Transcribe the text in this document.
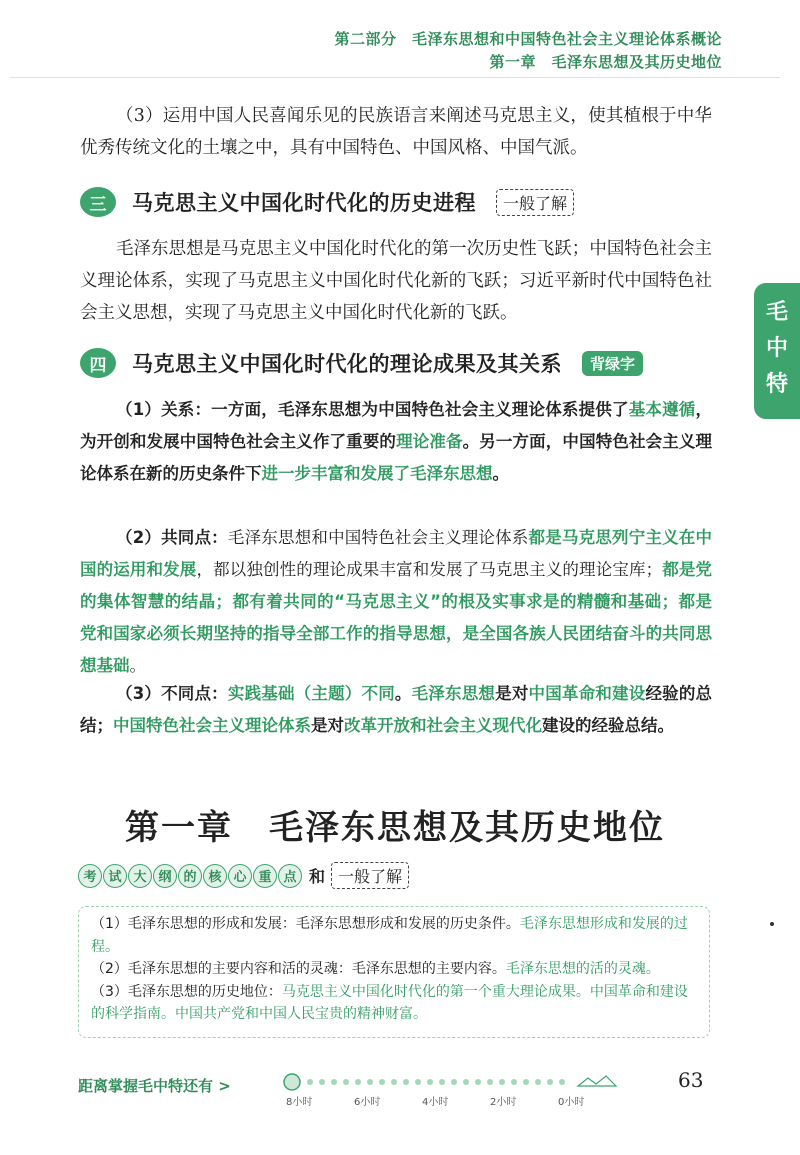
第二部分　毛泽东思想和中国特色社会主义理论体系概论
第一章　毛泽东思想及其历史地位
毛
中
特
（3）运用中国人民喜闻乐见的民族语言来阐述马克思主义，使其植根于中华优秀传统文化的土壤之中，具有中国特色、中国风格、中国气派。
三	马克思主义中国化时代化的历史进程	一般了解
毛泽东思想是马克思主义中国化时代化的第一次历史性飞跃；中国特色社会主义理论体系，实现了马克思主义中国化时代化新的飞跃；习近平新时代中国特色社会主义思想，实现了马克思主义中国化时代化新的飞跃。
四	马克思主义中国化时代化的理论成果及其关系	背绿字
（1）关系：一方面，毛泽东思想为中国特色社会主义理论体系提供了基本遵循，为开创和发展中国特色社会主义作了重要的理论准备。另一方面，中国特色社会主义理论体系在新的历史条件下进一步丰富和发展了毛泽东思想。
（2）共同点：毛泽东思想和中国特色社会主义理论体系都是马克思列宁主义在中国的运用和发展，都以独创性的理论成果丰富和发展了马克思主义的理论宝库；都是党的集体智慧的结晶；都有着共同的“马克思主义”的根及实事求是的精髓和基础；都是党和国家必须长期坚持的指导全部工作的指导思想，是全国各族人民团结奋斗的共同思想基础。
（3）不同点：实践基础（主题）不同。毛泽东思想是对中国革命和建设经验的总结；中国特色社会主义理论体系是对改革开放和社会主义现代化建设的经验总结。
第一章　毛泽东思想及其历史地位
考 试 大 纲 的 核 心 重 点 和 一般了解

（1）毛泽东思想的形成和发展：毛泽东思想形成和发展的历史条件。毛泽东思想形成和发展的过程。

（2）毛泽东思想的主要内容和活的灵魂：毛泽东思想的主要内容。毛泽东思想的活的灵魂。

（3）毛泽东思想的历史地位：马克思主义中国化时代化的第一个重大理论成果。中国革命和建设的科学指南。中国共产党和中国人民宝贵的精神财富。

距离掌握毛中特还有 >
8小时	6小时	4小时	2小时	0小时
63
